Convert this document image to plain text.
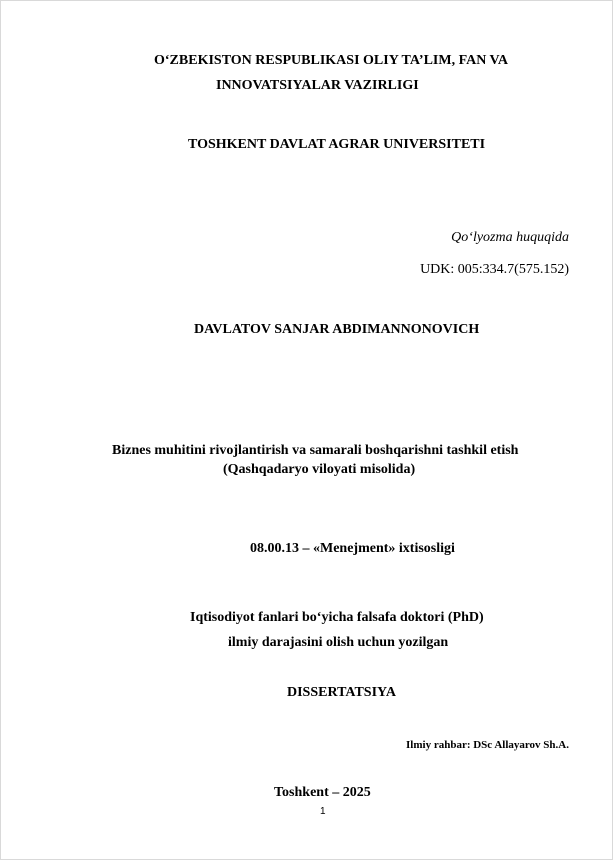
O‘ZBEKISTON RESPUBLIKASI OLIY TA’LIM, FAN VA
INNOVATSIYALAR VAZIRLIGI
TOSHKENT DAVLAT AGRAR UNIVERSITETI
Qo‘lyozma huquqida
UDK: 005:334.7(575.152)
DAVLATOV SANJAR ABDIMANNONOVICH
Biznes muhitini rivojlantirish va samarali boshqarishni tashkil etish
(Qashqadaryo viloyati misolida)
08.00.13 – «Menejment» ixtisosligi
Iqtisodiyot fanlari bo‘yicha falsafa doktori (PhD)
ilmiy darajasini olish uchun yozilgan
DISSERTATSIYA
Ilmiy rahbar: DSc Allayarov Sh.A.
Toshkent – 2025
1
